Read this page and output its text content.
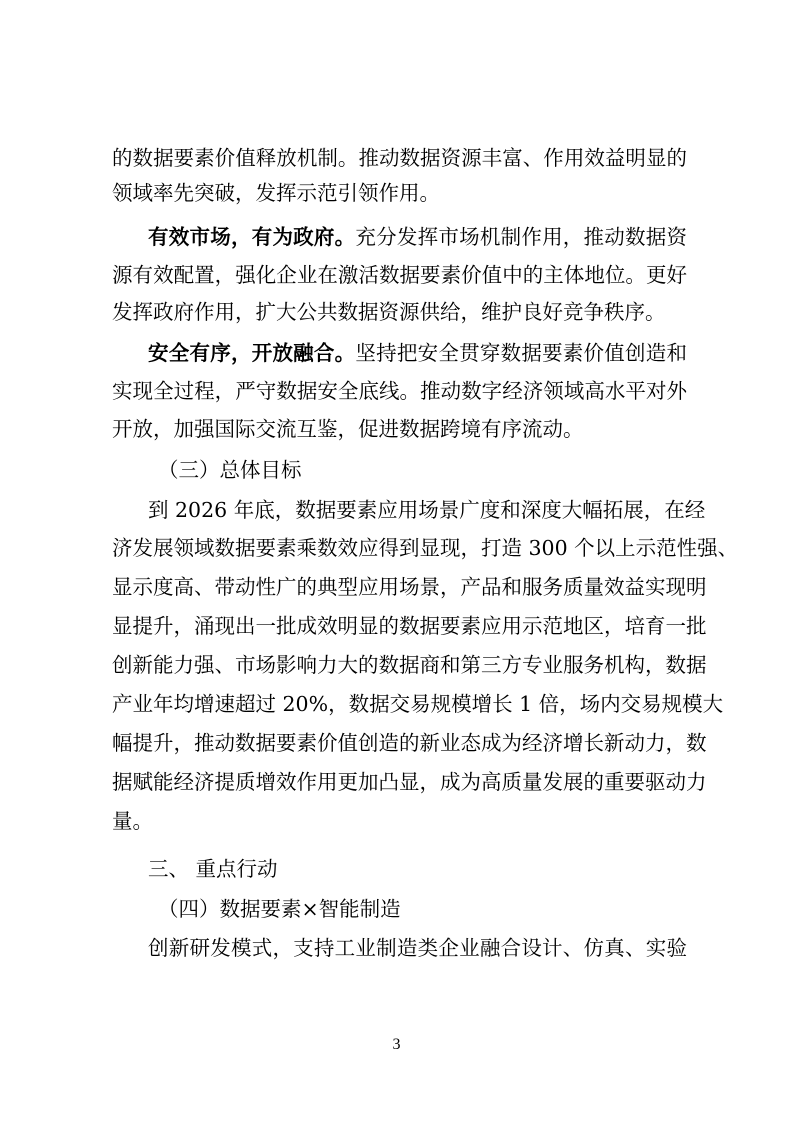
的数据要素价值释放机制。推动数据资源丰富、作用效益明显的
领域率先突破，发挥示范引领作用。
有效市场，有为政府。充分发挥市场机制作用，推动数据资
源有效配置，强化企业在激活数据要素价值中的主体地位。更好
发挥政府作用，扩大公共数据资源供给，维护良好竞争秩序。
安全有序，开放融合。坚持把安全贯穿数据要素价值创造和
实现全过程，严守数据安全底线。推动数字经济领域高水平对外
开放，加强国际交流互鉴，促进数据跨境有序流动。
（三）总体目标
到 2026 年底，数据要素应用场景广度和深度大幅拓展，在经
济发展领域数据要素乘数效应得到显现，打造 300 个以上示范性强、
显示度高、带动性广的典型应用场景，产品和服务质量效益实现明
显提升，涌现出一批成效明显的数据要素应用示范地区，培育一批
创新能力强、市场影响力大的数据商和第三方专业服务机构，数据
产业年均增速超过 20%，数据交易规模增长 1 倍，场内交易规模大
幅提升，推动数据要素价值创造的新业态成为经济增长新动力，数
据赋能经济提质增效作用更加凸显，成为高质量发展的重要驱动力
量。
三、 重点行动
（四）数据要素×智能制造
创新研发模式，支持工业制造类企业融合设计、仿真、实验
3
